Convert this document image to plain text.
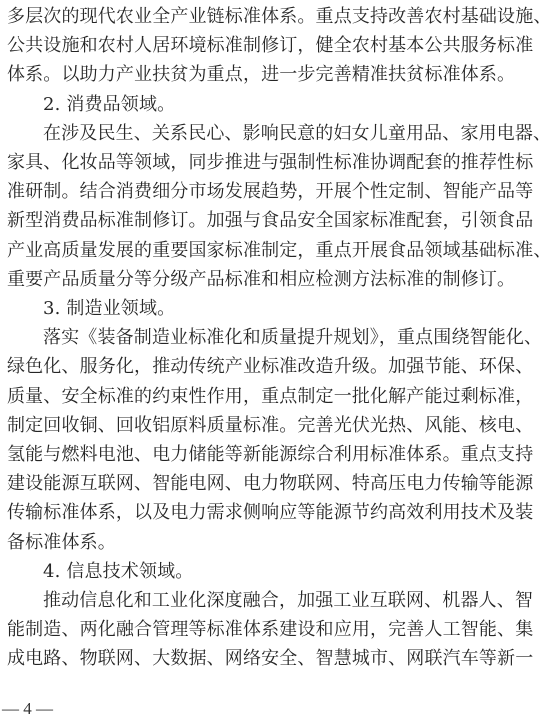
多层次的现代农业全产业链标准体系。重点支持改善农村基础设施、
公共设施和农村人居环境标准制修订，健全农村基本公共服务标准
体系。以助力产业扶贫为重点，进一步完善精准扶贫标准体系。
2. 消费品领域。
在涉及民生、关系民心、影响民意的妇女儿童用品、家用电器、
家具、化妆品等领域，同步推进与强制性标准协调配套的推荐性标
准研制。结合消费细分市场发展趋势，开展个性定制、智能产品等
新型消费品标准制修订。加强与食品安全国家标准配套，引领食品
产业高质量发展的重要国家标准制定，重点开展食品领域基础标准、
重要产品质量分等分级产品标准和相应检测方法标准的制修订。
3. 制造业领域。
落实《装备制造业标准化和质量提升规划》，重点围绕智能化、
绿色化、服务化，推动传统产业标准改造升级。加强节能、环保、
质量、安全标准的约束性作用，重点制定一批化解产能过剩标准，
制定回收铜、回收铝原料质量标准。完善光伏光热、风能、核电、
氢能与燃料电池、电力储能等新能源综合利用标准体系。重点支持
建设能源互联网、智能电网、电力物联网、特高压电力传输等能源
传输标准体系，以及电力需求侧响应等能源节约高效利用技术及装
备标准体系。
4. 信息技术领域。
推动信息化和工业化深度融合，加强工业互联网、机器人、智
能制造、两化融合管理等标准体系建设和应用，完善人工智能、集
成电路、物联网、大数据、网络安全、智慧城市、网联汽车等新一
— 4 —
